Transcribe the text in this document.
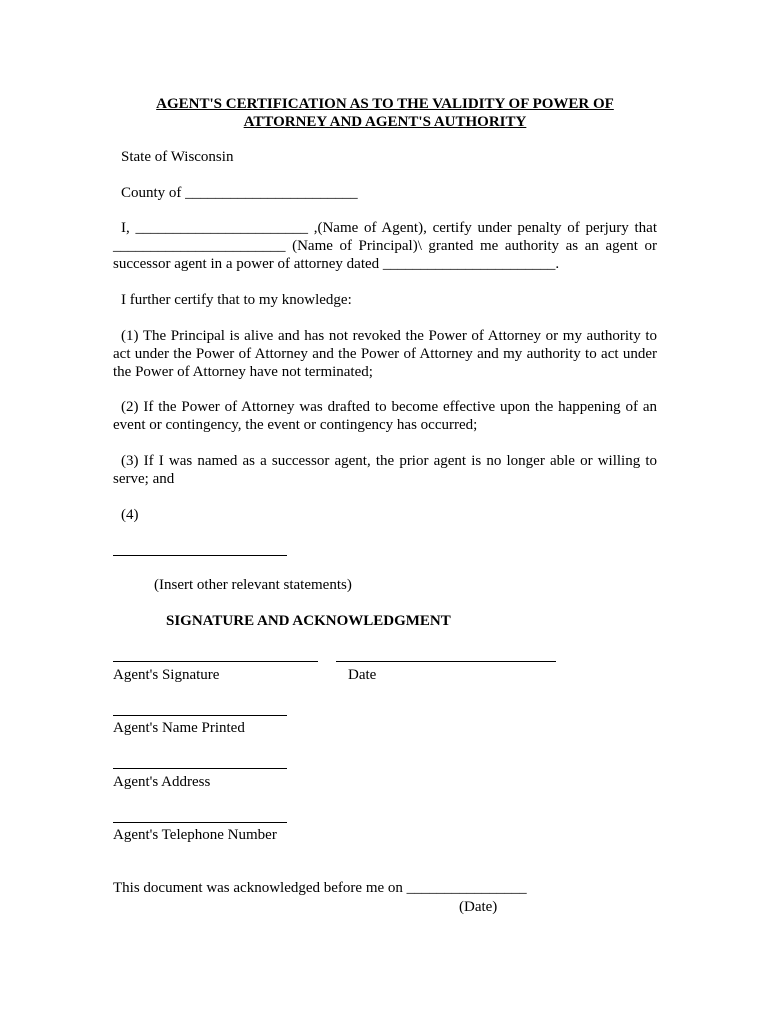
AGENT'S CERTIFICATION AS TO THE VALIDITY OF POWER OF
ATTORNEY AND AGENT'S AUTHORITY
State of Wisconsin
County of _______________________
I, _______________________ ,(Name of Agent), certify under penalty of perjury that _______________________ (Name of Principal)\ granted me authority as an agent or successor agent in a power of attorney dated _______________________.
I further certify that to my knowledge:
(1) The Principal is alive and has not revoked the Power of Attorney or my authority to act under the Power of Attorney and the Power of Attorney and my authority to act under the Power of Attorney have not terminated;
(2) If the Power of Attorney was drafted to become effective upon the happening of an event or contingency, the event or contingency has occurred;
(3) If I was named as a successor agent, the prior agent is no longer able or willing to serve; and
(4)
(Insert other relevant statements)
SIGNATURE AND ACKNOWLEDGMENT
Agent's Signature	Date
Agent's Name Printed
Agent's Address
Agent's Telephone Number
This document was acknowledged before me on ________________
(Date)
